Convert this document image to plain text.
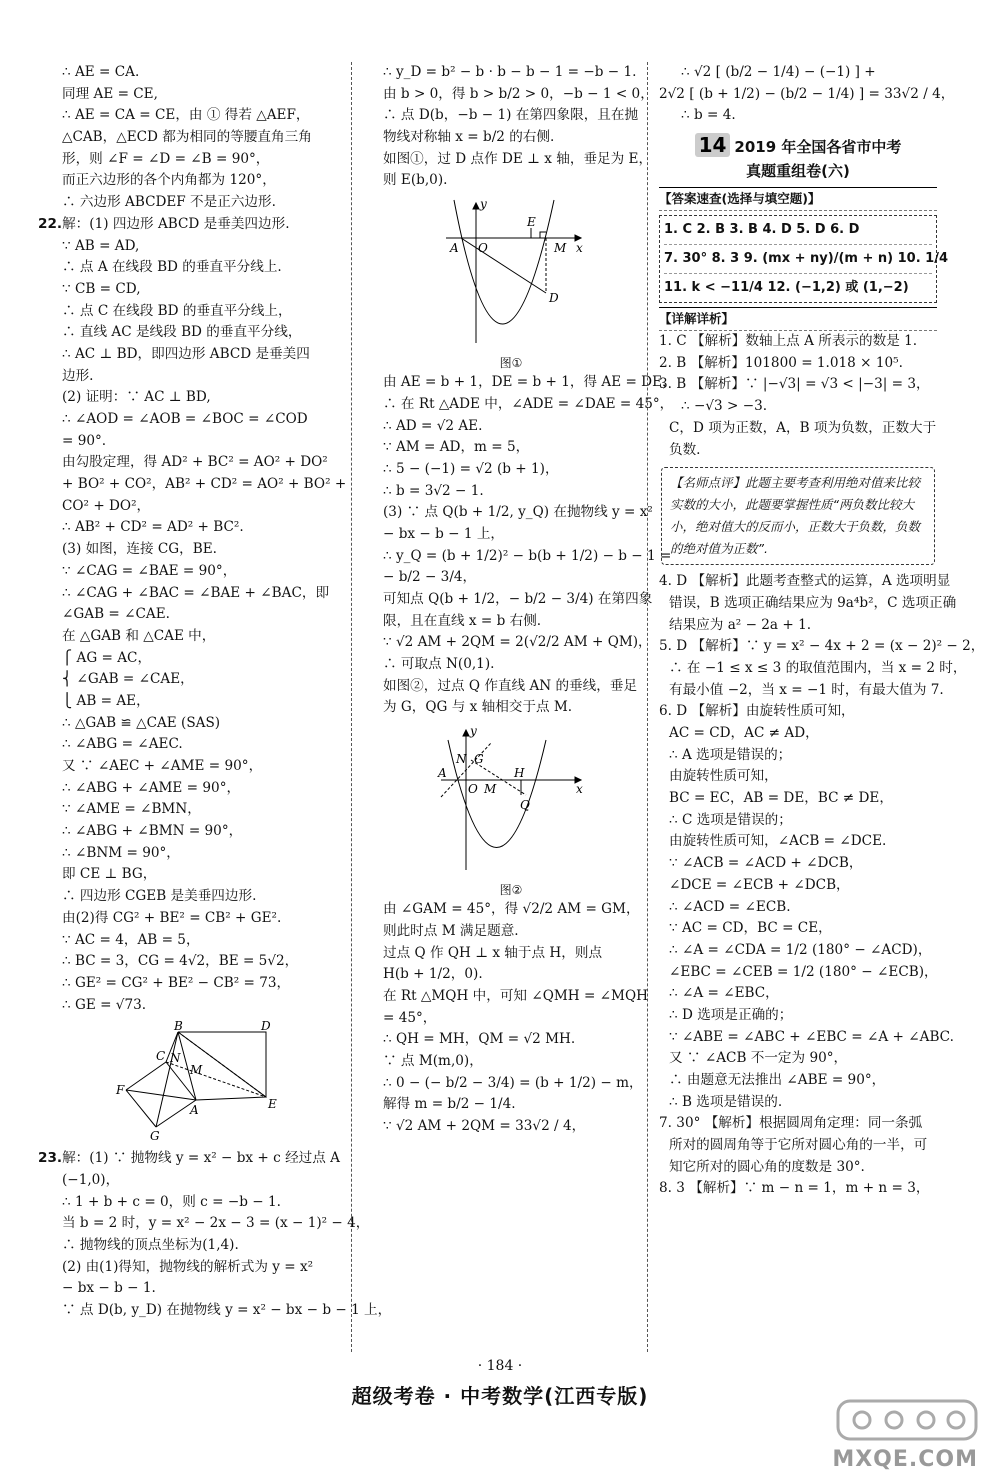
∴ AE = CA.
同理 AE = CE,
∴ AE = CA = CE，由 ① 得若 △AEF，
△CAB，△ECD 都为相同的等腰直角三角
形，则 ∠F = ∠D = ∠B = 90°，
而正六边形的各个内角都为 120°，
∴ 六边形 ABCDEF 不是正六边形.
22.解：(1) 四边形 ABCD 是垂美四边形.
∵ AB = AD,
∴ 点 A 在线段 BD 的垂直平分线上.
∵ CB = CD,
∴ 点 C 在线段 BD 的垂直平分线上，
∴ 直线 AC 是线段 BD 的垂直平分线，
∴ AC ⊥ BD，即四边形 ABCD 是垂美四
边形.
(2) 证明：∵ AC ⊥ BD,
∴ ∠AOD = ∠AOB = ∠BOC = ∠COD
= 90°.
由勾股定理，得 AD² + BC² = AO² + DO²
+ BO² + CO²，AB² + CD² = AO² + BO² +
CO² + DO²，
∴ AB² + CD² = AD² + BC².
(3) 如图，连接 CG，BE.
∵ ∠CAG = ∠BAE = 90°，
∴ ∠CAG + ∠BAC = ∠BAE + ∠BAC，即
∠GAB = ∠CAE.
在 △GAB 和 △CAE 中，
⎧ AG = AC，
⎨ ∠GAB = ∠CAE，
⎩ AB = AE，
∴ △GAB ≌ △CAE (SAS)
∴ ∠ABG = ∠AEC.
又 ∵ ∠AEC + ∠AME = 90°，
∴ ∠ABG + ∠AME = 90°，
∵ ∠AME = ∠BMN，
∴ ∠ABG + ∠BMN = 90°，
∴ ∠BNM = 90°，
即 CE ⊥ BG，
∴ 四边形 CGEB 是美垂四边形.
由(2)得 CG² + BE² = CB² + GE².
∵ AC = 4，AB = 5，
∴ BC = 3，CG = 4√2，BE = 5√2，
∴ GE² = CG² + BE² − CB² = 73，
∴ GE = √73.
B	D
C N
M
F
A	E
G
23.解：(1) ∵ 抛物线 y = x² − bx + c 经过点 A
(−1,0)，
∴ 1 + b + c = 0，则 c = −b − 1.
当 b = 2 时，y = x² − 2x − 3 = (x − 1)² − 4，
∴ 抛物线的顶点坐标为(1,4).
(2) 由(1)得知，抛物线的解析式为 y = x²
− bx − b − 1.
∵ 点 D(b, y_D) 在抛物线 y = x² − bx − b − 1 上，
∴ y_D = b² − b · b − b − 1 = −b − 1.
由 b > 0，得 b > b/2 > 0，−b − 1 < 0，
∴ 点 D(b，−b − 1) 在第四象限，且在抛
物线对称轴 x = b/2 的右侧.
如图①，过 D 点作 DE ⊥ x 轴，垂足为 E，
则 E(b,0).
y
x
A O
E
M
D
图①
由 AE = b + 1，DE = b + 1，得 AE = DE，
∴ 在 Rt △ADE 中，∠ADE = ∠DAE = 45°，
∴ AD = √2 AE.
∵ AM = AD，m = 5，
∴ 5 − (−1) = √2 (b + 1)，
∴ b = 3√2 − 1.
(3) ∵ 点 Q(b + 1/2, y_Q) 在抛物线 y = x²
− bx − b − 1 上，
∴ y_Q = (b + 1/2)² − b(b + 1/2) − b − 1 =
− b/2 − 3/4，
可知点 Q(b + 1/2，− b/2 − 3/4) 在第四象
限，且在直线 x = b 右侧.
∵ √2 AM + 2QM = 2(√2/2 AM + QM)，
∴ 可取点 N(0,1).
如图②，过点 Q 作直线 AN 的垂线，垂足
为 G，QG 与 x 轴相交于点 M.
y
x
A
N G
O M
H
Q
图②
由 ∠GAM = 45°，得 √2/2 AM = GM，
则此时点 M 满足题意.
过点 Q 作 QH ⊥ x 轴于点 H，则点
H(b + 1/2，0).
在 Rt △MQH 中，可知 ∠QMH = ∠MQH
= 45°，
∴ QH = MH，QM = √2 MH.
∵ 点 M(m,0)，
∴ 0 − (− b/2 − 3/4) = (b + 1/2) − m，
解得 m = b/2 − 1/4.
∵ √2 AM + 2QM = 33√2 / 4，
∴ √2 [ (b/2 − 1/4) − (−1) ] +
2√2 [ (b + 1/2) − (b/2 − 1/4) ] = 33√2 / 4，
∴ b = 4.
14 2019 年全国各省市中考
真题重组卷(六)
【答案速查(选择与填空题)】
1. C 2. B 3. B 4. D 5. D 6. D
7. 30° 8. 3 9. (mx + ny)/(m + n) 10. 1/4
11. k < −11/4 12. (−1,2) 或 (1,−2)
【详解详析】
1. C 【解析】数轴上点 A 所表示的数是 1.
2. B 【解析】101800 = 1.018 × 10⁵.
3. B 【解析】∵ |−√3| = √3 < |−3| = 3，
∴ −√3 > −3.
C，D 项为正数，A，B 项为负数，正数大于
负数.
【名师点评】此题主要考查利用绝对值来比较实数的大小，此题要掌握性质“两负数比较大小，绝对值大的反而小，正数大于负数，负数的绝对值为正数”.
4. D 【解析】此题考查整式的运算，A 选项明显
错误，B 选项正确结果应为 9a⁴b²，C 选项正确
结果应为 a² − 2a + 1.
5. D 【解析】∵ y = x² − 4x + 2 = (x − 2)² − 2，
∴ 在 −1 ≤ x ≤ 3 的取值范围内，当 x = 2 时，
有最小值 −2，当 x = −1 时，有最大值为 7.
6. D 【解析】由旋转性质可知，
AC = CD，AC ≠ AD，
∴ A 选项是错误的；
由旋转性质可知，
BC = EC，AB = DE，BC ≠ DE，
∴ C 选项是错误的；
由旋转性质可知，∠ACB = ∠DCE.
∵ ∠ACB = ∠ACD + ∠DCB，
∠DCE = ∠ECB + ∠DCB，
∴ ∠ACD = ∠ECB.
∵ AC = CD，BC = CE，
∴ ∠A = ∠CDA = 1/2 (180° − ∠ACD)，
∠EBC = ∠CEB = 1/2 (180° − ∠ECB)，
∴ ∠A = ∠EBC，
∴ D 选项是正确的；
∵ ∠ABE = ∠ABC + ∠EBC = ∠A + ∠ABC.
又 ∵ ∠ACB 不一定为 90°，
∴ 由题意无法推出 ∠ABE = 90°，
∴ B 选项是错误的.
7. 30° 【解析】根据圆周角定理：同一条弧
所对的圆周角等于它所对圆心角的一半，可
知它所对的圆心角的度数是 30°.
8. 3 【解析】∵ m − n = 1，m + n = 3，
· 184 ·
超级考卷 · 中考数学(江西专版)
MXQE.COM
